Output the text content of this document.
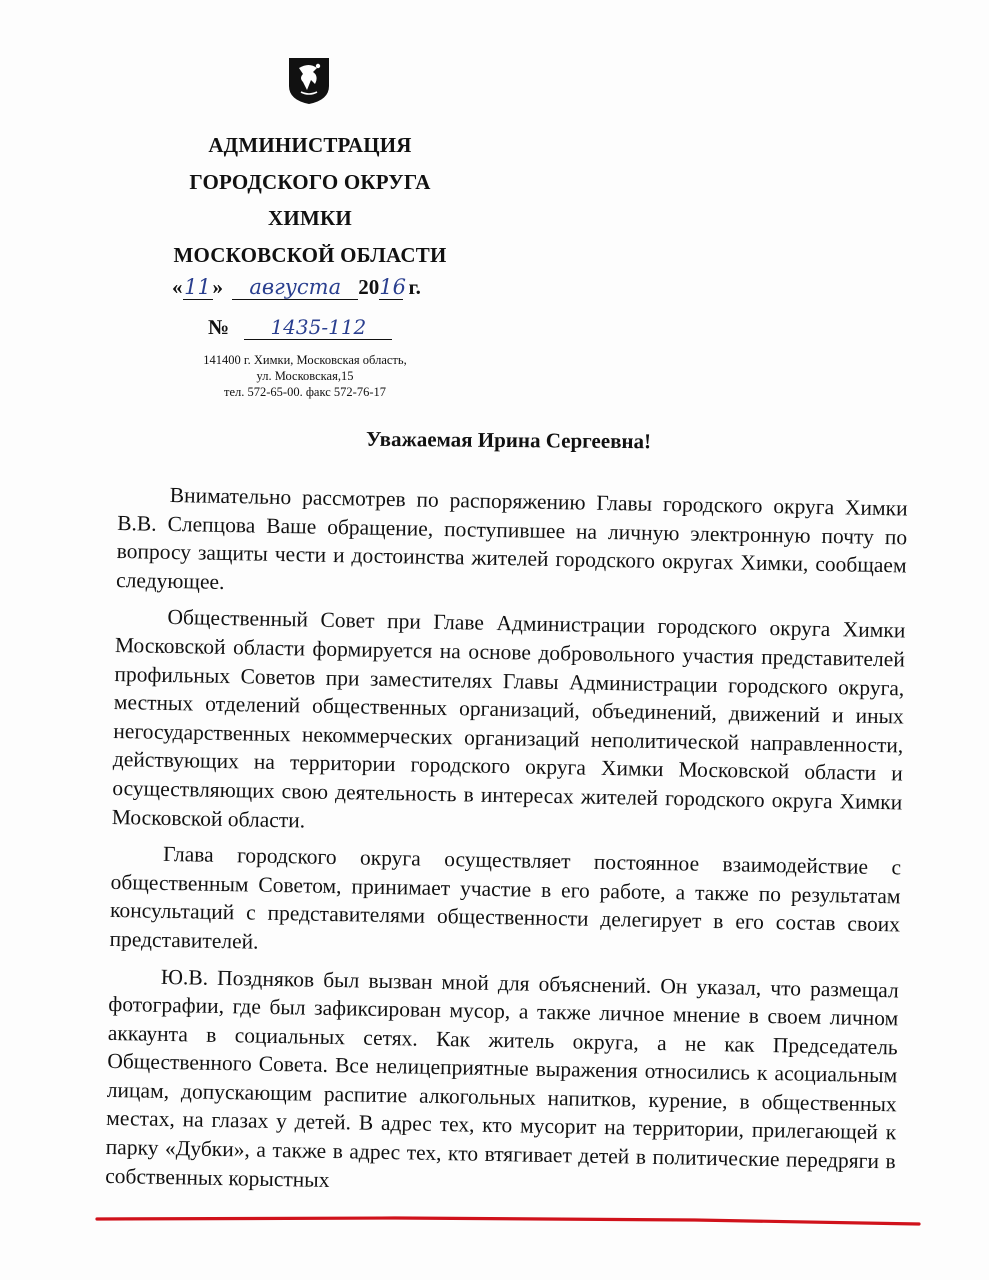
АДМИНИСТРАЦИЯ
ГОРОДСКОГО ОКРУГА
ХИМКИ
МОСКОВСКОЙ ОБЛАСТИ
«11» августа 2016 г.
№ 1435-112
141400 г. Химки, Московская область,
ул. Московская,15
тел. 572-65-00. факс 572-76-17
Уважаемая Ирина Сергеевна!

Внимательно рассмотрев по распоряжению Главы городского округа Химки В.В. Слепцова Ваше обращение, поступившее на личную электронную почту по вопросу защиты чести и достоинства жителей городского округах Химки, сообщаем следующее.

Общественный Совет при Главе Администрации городского округа Химки Московской области формируется на основе добровольного участия представителей профильных Советов при заместителях Главы Администрации городского округа, местных отделений общественных организаций, объединений, движений и иных негосударственных некоммерческих организаций неполитической направленности, действующих на территории городского округа Химки Московской области и осуществляющих свою деятельность в интересах жителей городского округа Химки Московской области.

Глава городского округа осуществляет постоянное взаимодействие с общественным Советом, принимает участие в его работе, а также по результатам консультаций с представителями общественности делегирует в его состав своих представителей.

Ю.В. Поздняков был вызван мной для объяснений. Он указал, что размещал фотографии, где был зафиксирован мусор, а также личное мнение в своем личном аккаунта в социальных сетях. Как житель округа, а не как Председатель Общественного Совета. Все нелицеприятные выражения относились к асоциальным лицам, допускающим распитие алкогольных напитков, курение, в общественных местах, на глазах у детей. В адрес тех, кто мусорит на территории, прилегающей к парку «Дубки», а также в адрес тех, кто втягивает детей в политические передряги в собственных корыстных
